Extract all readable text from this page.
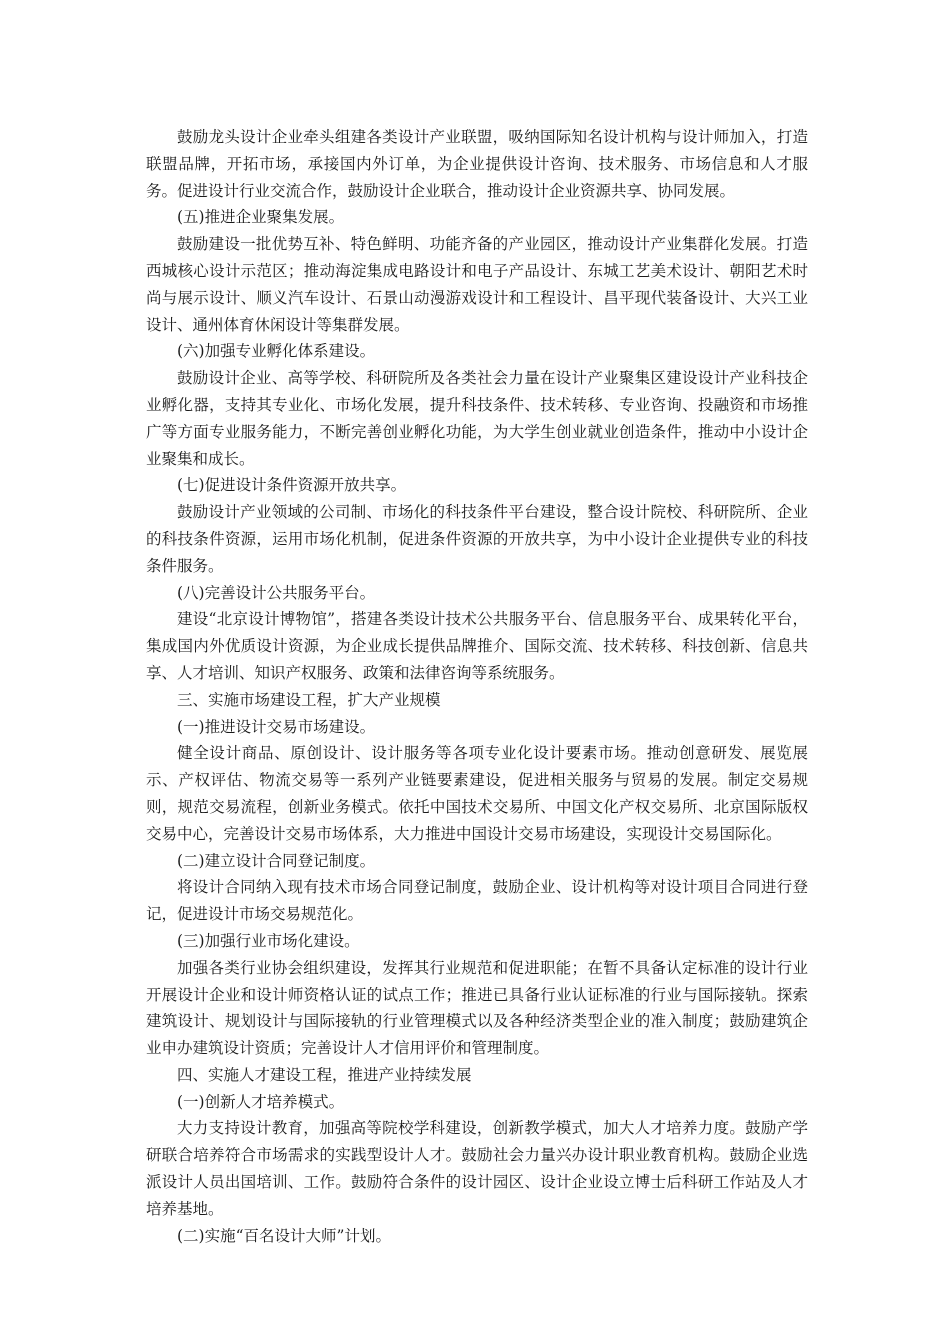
鼓励龙头设计企业牵头组建各类设计产业联盟，吸纳国际知名设计机构与设计师加入，打造联盟品牌，开拓市场，承接国内外订单，为企业提供设计咨询、技术服务、市场信息和人才服务。促进设计行业交流合作，鼓励设计企业联合，推动设计企业资源共享、协同发展。

(五)推进企业聚集发展。

鼓励建设一批优势互补、特色鲜明、功能齐备的产业园区，推动设计产业集群化发展。打造西城核心设计示范区；推动海淀集成电路设计和电子产品设计、东城工艺美术设计、朝阳艺术时尚与展示设计、顺义汽车设计、石景山动漫游戏设计和工程设计、昌平现代装备设计、大兴工业设计、通州体育休闲设计等集群发展。

(六)加强专业孵化体系建设。

鼓励设计企业、高等学校、科研院所及各类社会力量在设计产业聚集区建设设计产业科技企业孵化器，支持其专业化、市场化发展，提升科技条件、技术转移、专业咨询、投融资和市场推广等方面专业服务能力，不断完善创业孵化功能，为大学生创业就业创造条件，推动中小设计企业聚集和成长。

(七)促进设计条件资源开放共享。

鼓励设计产业领域的公司制、市场化的科技条件平台建设，整合设计院校、科研院所、企业的科技条件资源，运用市场化机制，促进条件资源的开放共享，为中小设计企业提供专业的科技条件服务。

(八)完善设计公共服务平台。

建设“北京设计博物馆”，搭建各类设计技术公共服务平台、信息服务平台、成果转化平台，集成国内外优质设计资源，为企业成长提供品牌推介、国际交流、技术转移、科技创新、信息共享、人才培训、知识产权服务、政策和法律咨询等系统服务。

三、实施市场建设工程，扩大产业规模

(一)推进设计交易市场建设。

健全设计商品、原创设计、设计服务等各项专业化设计要素市场。推动创意研发、展览展示、产权评估、物流交易等一系列产业链要素建设，促进相关服务与贸易的发展。制定交易规则，规范交易流程，创新业务模式。依托中国技术交易所、中国文化产权交易所、北京国际版权交易中心，完善设计交易市场体系，大力推进中国设计交易市场建设，实现设计交易国际化。

(二)建立设计合同登记制度。

将设计合同纳入现有技术市场合同登记制度，鼓励企业、设计机构等对设计项目合同进行登记，促进设计市场交易规范化。

(三)加强行业市场化建设。

加强各类行业协会组织建设，发挥其行业规范和促进职能；在暂不具备认定标准的设计行业开展设计企业和设计师资格认证的试点工作；推进已具备行业认证标准的行业与国际接轨。探索建筑设计、规划设计与国际接轨的行业管理模式以及各种经济类型企业的准入制度；鼓励建筑企业申办建筑设计资质；完善设计人才信用评价和管理制度。

四、实施人才建设工程，推进产业持续发展

(一)创新人才培养模式。

大力支持设计教育，加强高等院校学科建设，创新教学模式，加大人才培养力度。鼓励产学研联合培养符合市场需求的实践型设计人才。鼓励社会力量兴办设计职业教育机构。鼓励企业选派设计人员出国培训、工作。鼓励符合条件的设计园区、设计企业设立博士后科研工作站及人才培养基地。

(二)实施“百名设计大师”计划。
